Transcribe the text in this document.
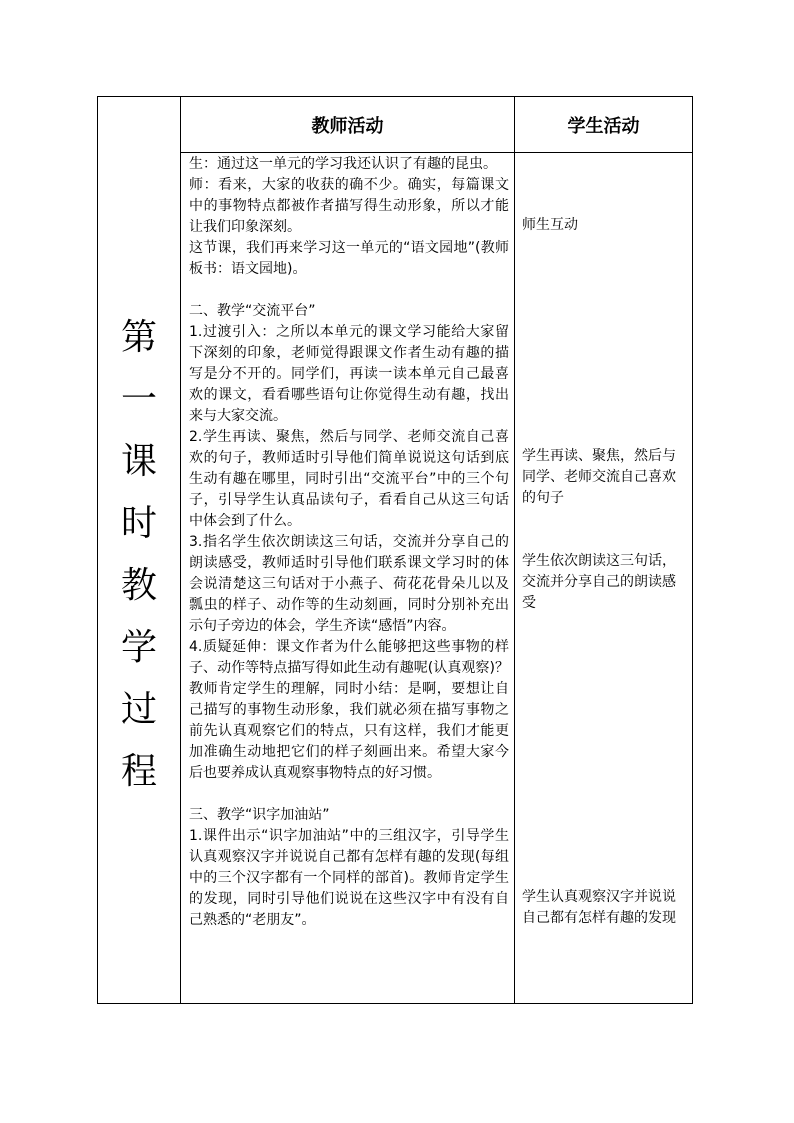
教师活动	学生活动
第
一
课
时
教
学
过
程

生：通过这一单元的学习我还认识了有趣的昆虫。

师：看来，大家的收获的确不少。确实，每篇课文中的事物特点都被作者描写得生动形象，所以才能让我们印象深刻。

这节课，我们再来学习这一单元的“语文园地”(教师板书：语文园地)。

二、教学“交流平台”

1.过渡引入：之所以本单元的课文学习能给大家留下深刻的印象，老师觉得跟课文作者生动有趣的描写是分不开的。同学们，再读一读本单元自己最喜欢的课文，看看哪些语句让你觉得生动有趣，找出来与大家交流。

2.学生再读、聚焦，然后与同学、老师交流自己喜欢的句子，教师适时引导他们简单说说这句话到底生动有趣在哪里，同时引出“交流平台”中的三个句子，引导学生认真品读句子，看看自己从这三句话中体会到了什么。

3.指名学生依次朗读这三句话，交流并分享自己的朗读感受，教师适时引导他们联系课文学习时的体会说清楚这三句话对于小燕子、荷花花骨朵儿以及瓢虫的样子、动作等的生动刻画，同时分别补充出示句子旁边的体会，学生齐读“感悟”内容。

4.质疑延伸：课文作者为什么能够把这些事物的样子、动作等特点描写得如此生动有趣呢(认真观察)？ 教师肯定学生的理解，同时小结：是啊，要想让自己描写的事物生动形象，我们就必须在描写事物之前先认真观察它们的特点，只有这样，我们才能更加准确生动地把它们的样子刻画出来。希望大家今后也要养成认真观察事物特点的好习惯。

三、教学“识字加油站”

1.课件出示“识字加油站”中的三组汉字，引导学生认真观察汉字并说说自己都有怎样有趣的发现(每组中的三个汉字都有一个同样的部首)。教师肯定学生的发现，同时引导他们说说在这些汉字中有没有自己熟悉的“老朋友”。

师生互动
学生再读、聚焦，然后与同学、老师交流自己喜欢的句子
学生依次朗读这三句话，交流并分享自己的朗读感受
学生认真观察汉字并说说自己都有怎样有趣的发现
